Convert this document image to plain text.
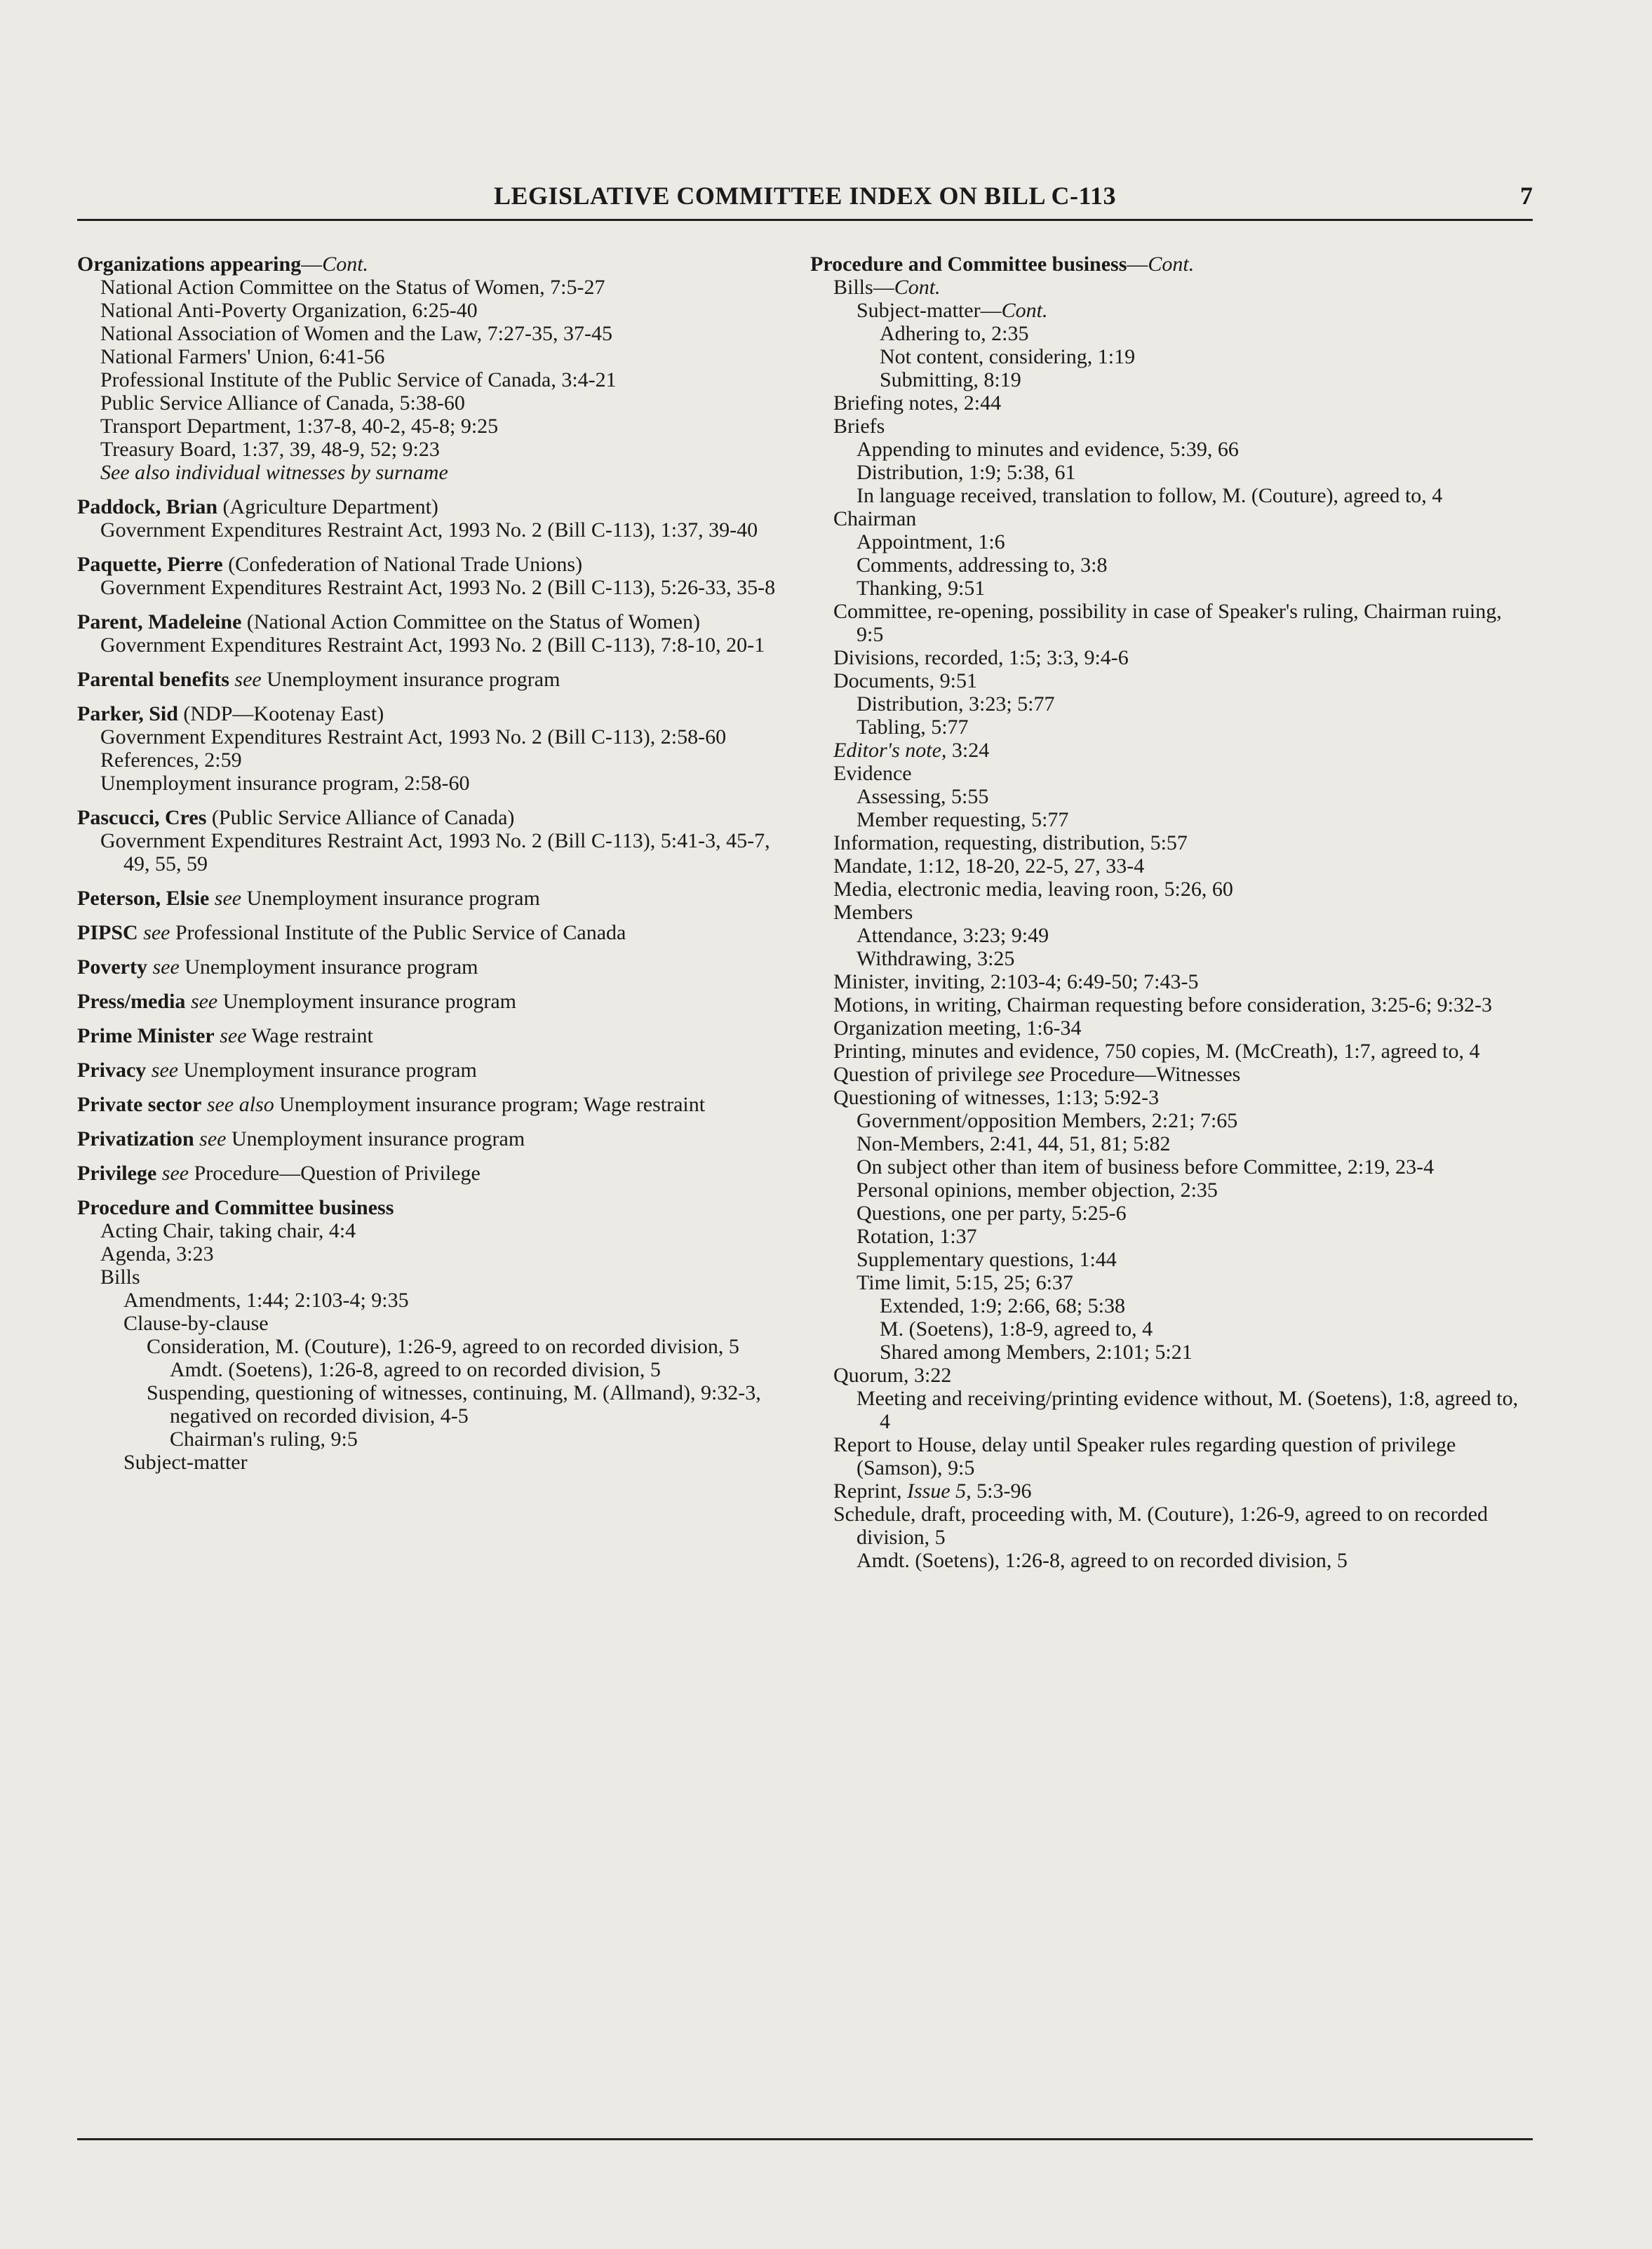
LEGISLATIVE COMMITTEE INDEX ON BILL C-113	7
Organizations appearing—Cont.
National Action Committee on the Status of Women, 7:5-27
National Anti-Poverty Organization, 6:25-40
National Association of Women and the Law, 7:27-35, 37-45
National Farmers' Union, 6:41-56
Professional Institute of the Public Service of Canada, 3:4-21
Public Service Alliance of Canada, 5:38-60
Transport Department, 1:37-8, 40-2, 45-8; 9:25
Treasury Board, 1:37, 39, 48-9, 52; 9:23
See also individual witnesses by surname
Paddock, Brian (Agriculture Department)
Government Expenditures Restraint Act, 1993 No. 2 (Bill C-113), 1:37, 39-40
Paquette, Pierre (Confederation of National Trade Unions)
Government Expenditures Restraint Act, 1993 No. 2 (Bill C-113), 5:26-33, 35-8
Parent, Madeleine (National Action Committee on the Status of Women)
Government Expenditures Restraint Act, 1993 No. 2 (Bill C-113), 7:8-10, 20-1
Parental benefits see Unemployment insurance program
Parker, Sid (NDP—Kootenay East)
Government Expenditures Restraint Act, 1993 No. 2 (Bill C-113), 2:58-60
References, 2:59
Unemployment insurance program, 2:58-60
Pascucci, Cres (Public Service Alliance of Canada)
Government Expenditures Restraint Act, 1993 No. 2 (Bill C-113), 5:41-3, 45-7, 49, 55, 59
Peterson, Elsie see Unemployment insurance program
PIPSC see Professional Institute of the Public Service of Canada
Poverty see Unemployment insurance program
Press/media see Unemployment insurance program
Prime Minister see Wage restraint
Privacy see Unemployment insurance program
Private sector see also Unemployment insurance program; Wage restraint
Privatization see Unemployment insurance program
Privilege see Procedure—Question of Privilege
Procedure and Committee business
Acting Chair, taking chair, 4:4
Agenda, 3:23
Bills
Amendments, 1:44; 2:103-4; 9:35
Clause-by-clause
Consideration, M. (Couture), 1:26-9, agreed to on recorded division, 5
Amdt. (Soetens), 1:26-8, agreed to on recorded division, 5
Suspending, questioning of witnesses, continuing, M. (Allmand), 9:32-3, negatived on recorded division, 4-5
Chairman's ruling, 9:5
Subject-matter
Procedure and Committee business—Cont.
Bills—Cont.
Subject-matter—Cont.
Adhering to, 2:35
Not content, considering, 1:19
Submitting, 8:19
Briefing notes, 2:44
Briefs
Appending to minutes and evidence, 5:39, 66
Distribution, 1:9; 5:38, 61
In language received, translation to follow, M. (Couture), agreed to, 4
Chairman
Appointment, 1:6
Comments, addressing to, 3:8
Thanking, 9:51
Committee, re-opening, possibility in case of Speaker's ruling, Chairman ruing, 9:5
Divisions, recorded, 1:5; 3:3, 9:4-6
Documents, 9:51
Distribution, 3:23; 5:77
Tabling, 5:77
Editor's note, 3:24
Evidence
Assessing, 5:55
Member requesting, 5:77
Information, requesting, distribution, 5:57
Mandate, 1:12, 18-20, 22-5, 27, 33-4
Media, electronic media, leaving roon, 5:26, 60
Members
Attendance, 3:23; 9:49
Withdrawing, 3:25
Minister, inviting, 2:103-4; 6:49-50; 7:43-5
Motions, in writing, Chairman requesting before consideration, 3:25-6; 9:32-3
Organization meeting, 1:6-34
Printing, minutes and evidence, 750 copies, M. (McCreath), 1:7, agreed to, 4
Question of privilege see Procedure—Witnesses
Questioning of witnesses, 1:13; 5:92-3
Government/opposition Members, 2:21; 7:65
Non-Members, 2:41, 44, 51, 81; 5:82
On subject other than item of business before Committee, 2:19, 23-4
Personal opinions, member objection, 2:35
Questions, one per party, 5:25-6
Rotation, 1:37
Supplementary questions, 1:44
Time limit, 5:15, 25; 6:37
Extended, 1:9; 2:66, 68; 5:38
M. (Soetens), 1:8-9, agreed to, 4
Shared among Members, 2:101; 5:21
Quorum, 3:22
Meeting and receiving/printing evidence without, M. (Soetens), 1:8, agreed to, 4
Report to House, delay until Speaker rules regarding question of privilege (Samson), 9:5
Reprint, Issue 5, 5:3-96
Schedule, draft, proceeding with, M. (Couture), 1:26-9, agreed to on recorded division, 5
Amdt. (Soetens), 1:26-8, agreed to on recorded division, 5
